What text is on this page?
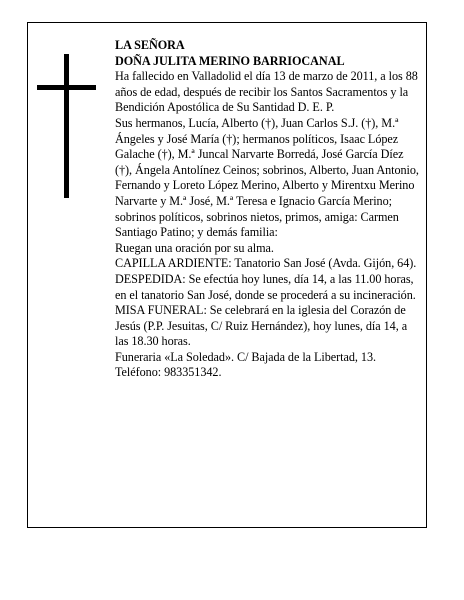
LA SEÑORA

DOÑA JULITA MERINO BARRIOCANAL

Ha fallecido en Valladolid el día 13 de marzo de 2011, a los 88 años de edad, después de recibir los Santos Sacramentos y la Bendición Apostólica de Su Santidad D. E. P.

Sus hermanos, Lucía, Alberto (†), Juan Carlos S.J. (†), M.ª Ángeles y José María (†); hermanos políticos, Isaac López Galache (†), M.ª Juncal Narvarte Borredá, José García Díez (†), Ángela Antolínez Ceinos; sobrinos, Alberto, Juan Antonio, Fernando y Loreto López Merino, Alberto y Mirentxu Merino Narvarte y M.ª José, M.ª Teresa e Ignacio García Merino; sobrinos políticos, sobrinos nietos, primos, amiga: Carmen Santiago Patino; y demás familia:

Ruegan una oración por su alma.

CAPILLA ARDIENTE: Tanatorio San José (Avda. Gijón, 64).

DESPEDIDA: Se efectúa hoy lunes, día 14, a las 11.00 horas, en el tanatorio San José, donde se procederá a su incineración.

MISA FUNERAL: Se celebrará en la iglesia del Corazón de Jesús (P.P. Jesuitas, C/ Ruiz Hernández), hoy lunes, día 14, a las 18.30 horas.

Funeraria «La Soledad». C/ Bajada de la Libertad, 13. Teléfono: 983351342.
